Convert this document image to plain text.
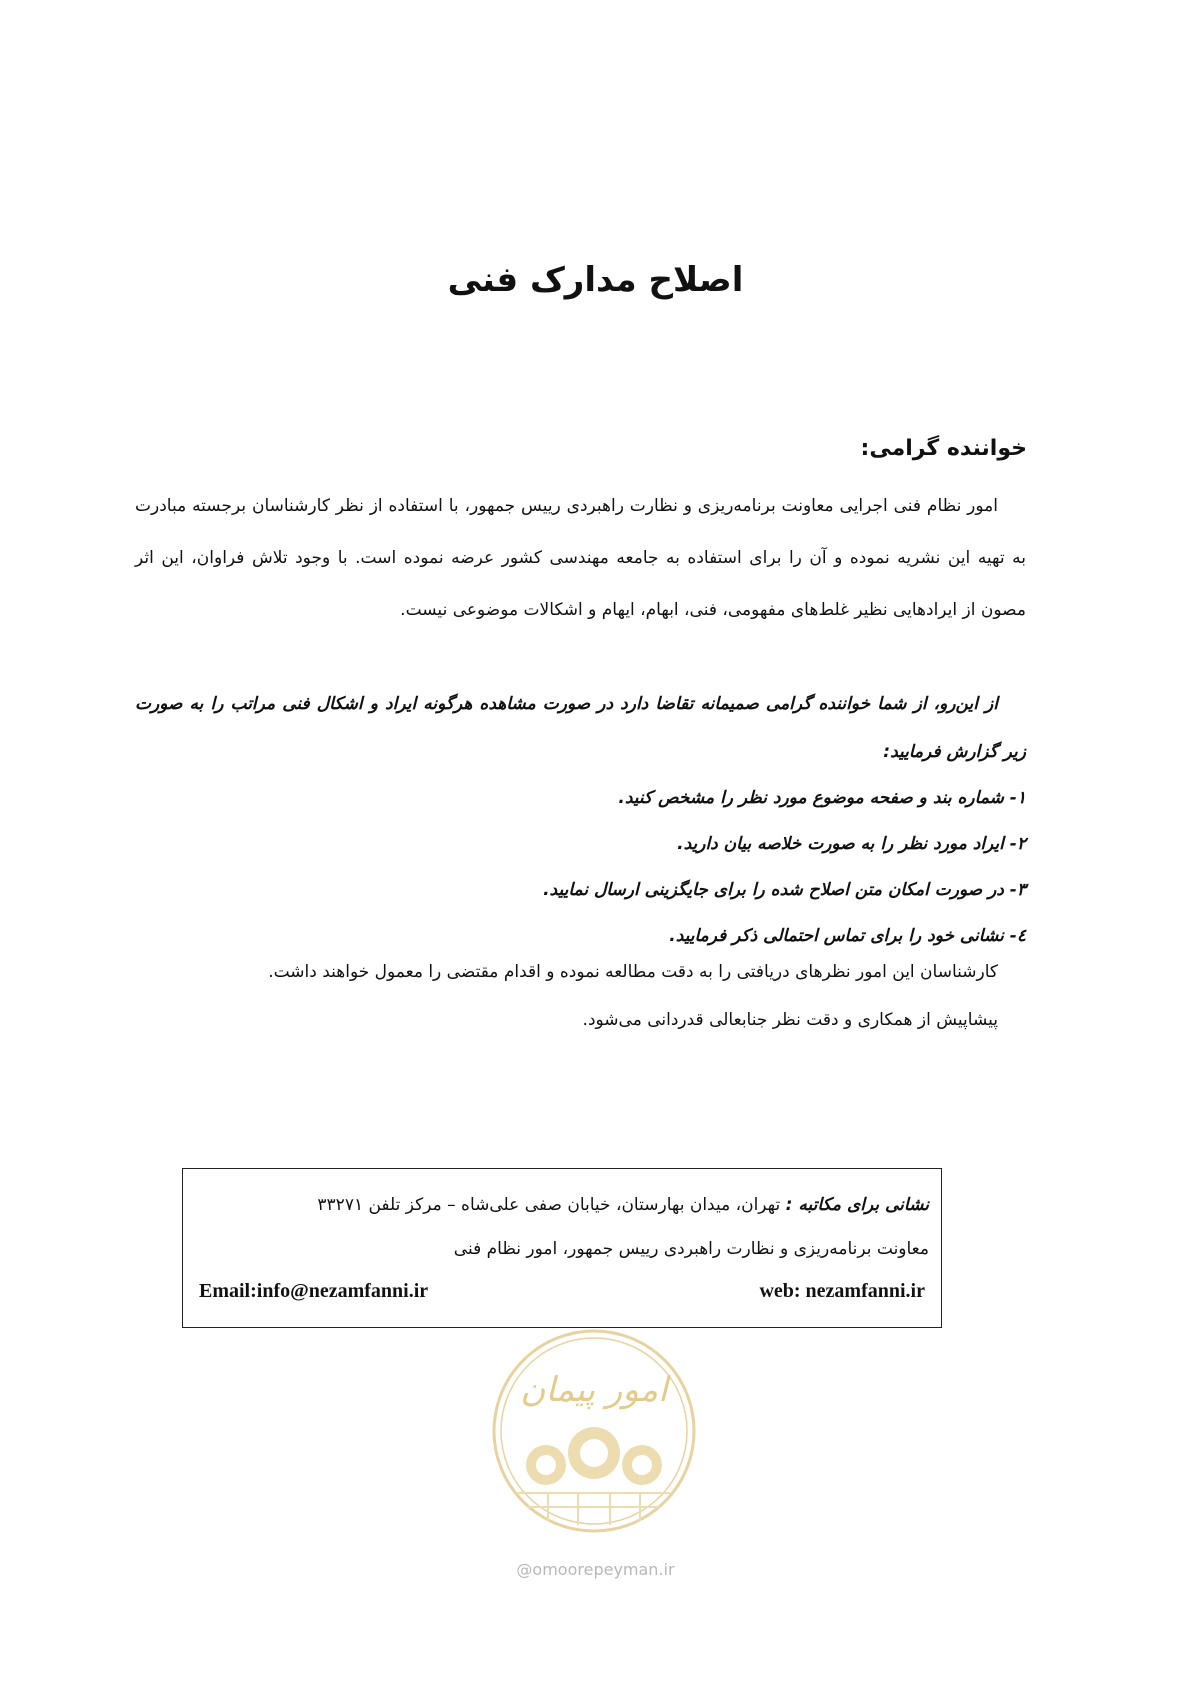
اصلاح مدارک فنی
خواننده گرامی:

امور نظام فنی اجرایی معاونت برنامه‌ریزی و نظارت راهبردی رییس جمهور، با استفاده از نظر کارشناسان برجسته مبادرت به تهیه این نشریه نموده و آن را برای استفاده به جامعه مهندسی کشور عرضه نموده است. با وجود تلاش فراوان، این اثر مصون از ایرادهایی نظیر غلط‌های مفهومی، فنی، ابهام، ایهام و اشکالات موضوعی نیست.

از این‌رو، از شما خواننده گرامی صمیمانه تقاضا دارد در صورت مشاهده هرگونه ایراد و اشکال فنی مراتب را به صورت زیر گزارش فرمایید:

۱- شماره بند و صفحه موضوع مورد نظر را مشخص کنید.
۲- ایراد مورد نظر را به صورت خلاصه بیان دارید.
۳- در صورت امکان متن اصلاح شده را برای جایگزینی ارسال نمایید.
٤- نشانی خود را برای تماس احتمالی ذکر فرمایید.

کارشناسان این امور نظرهای دریافتی را به دقت مطالعه نموده و اقدام مقتضی را معمول خواهند داشت.

پیشاپیش از همکاری و دقت نظر جنابعالی قدردانی می‌شود.

نشانی برای مکاتبه : تهران، میدان بهارستان، خیابان صفی علی‌شاه – مرکز تلفن ۳۳۲۷۱
معاونت برنامه‌ریزی و نظارت راهبردی رییس جمهور، امور نظام فنی
Email:info@nezamfanni.ir	web: nezamfanni.ir
امور پیمان
@omoorepeyman.ir
